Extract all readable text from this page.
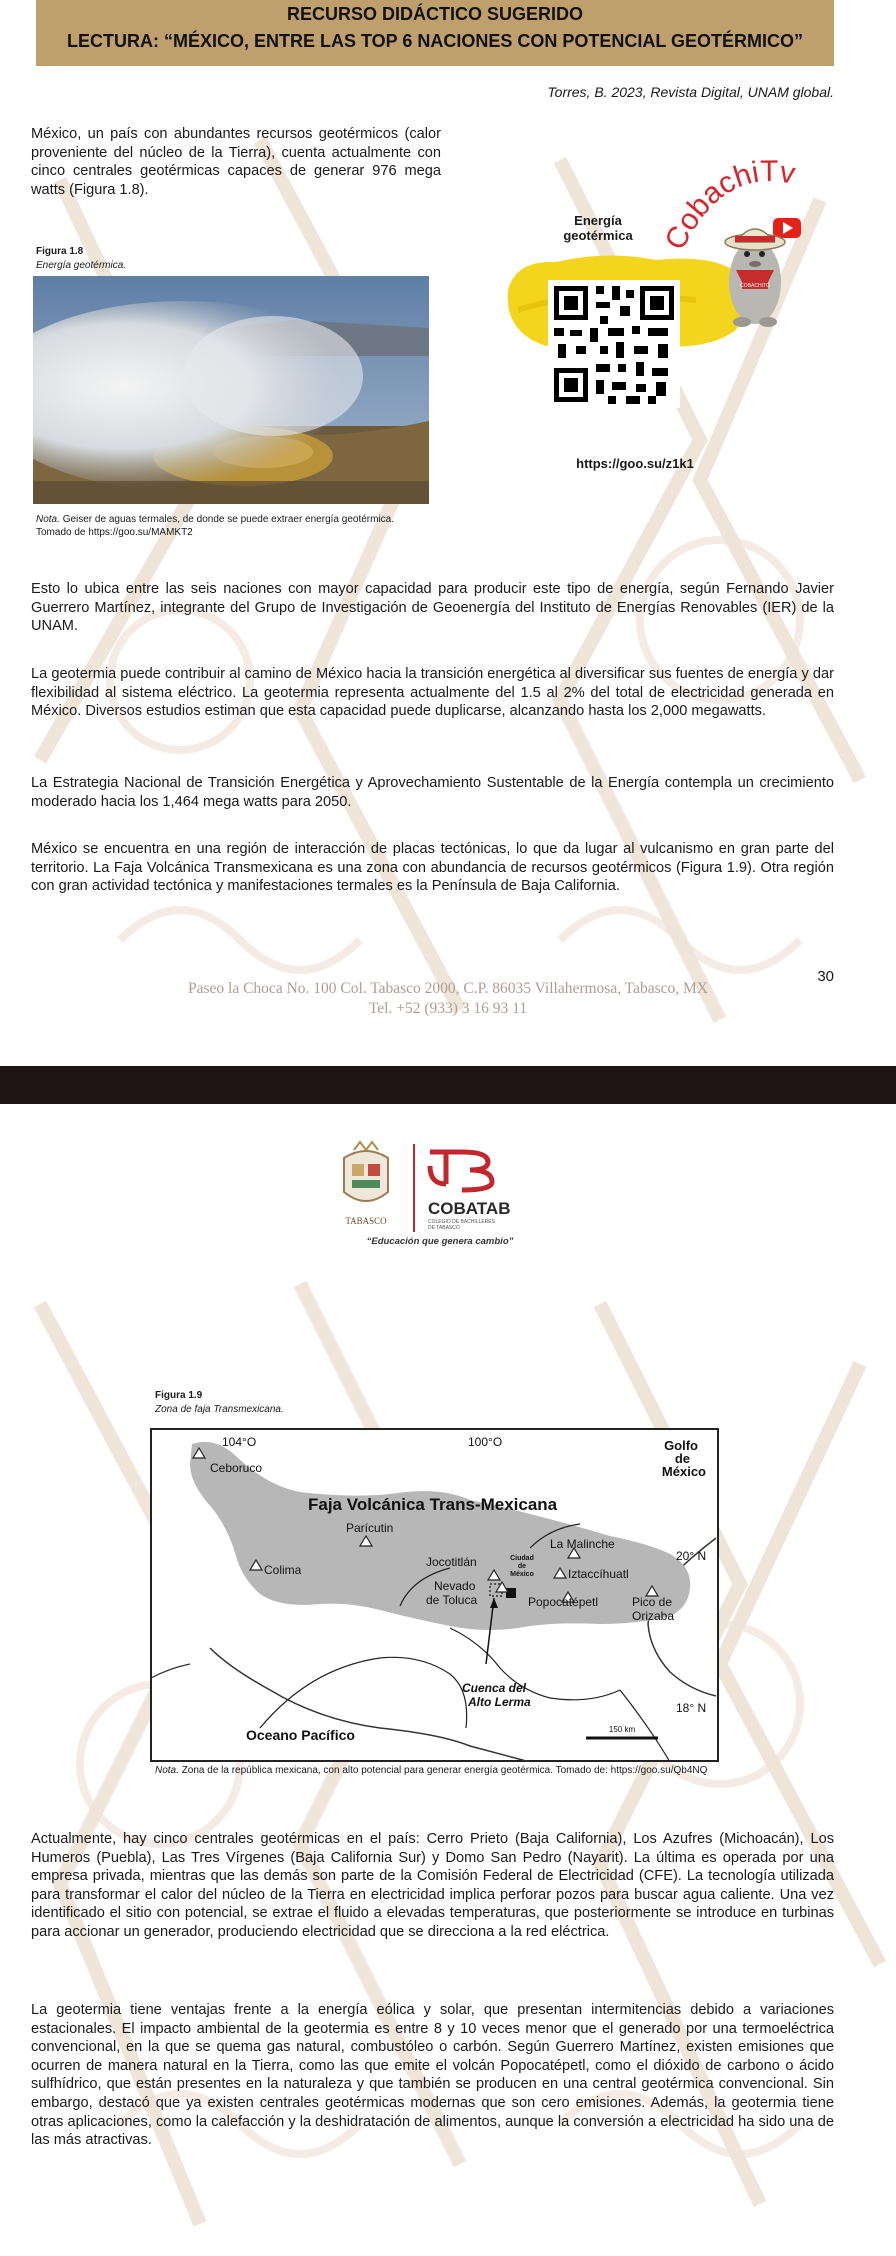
RECURSO DIDÁCTICO SUGERIDO
LECTURA: “MÉXICO, ENTRE LAS TOP 6 NACIONES CON POTENCIAL GEOTÉRMICO”
Torres, B. 2023, Revista Digital, UNAM global.

México, un país con abundantes recursos geotérmicos (calor proveniente del núcleo de la Tierra), cuenta actualmente con cinco centrales geotérmicas capaces de generar 976 mega watts (Figura 1.8).

Figura 1.8
Energía geotérmica.
Nota. Geiser de aguas termales, de donde se puede extraer energía geotérmica. Tomado de https://goo.su/MAMKT2
Energía
geotérmica CobachiTv
COBACHITO
https://goo.su/z1k1

Esto lo ubica entre las seis naciones con mayor capacidad para producir este tipo de energía, según Fernando Javier Guerrero Martínez, integrante del Grupo de Investigación de Geoenergía del Instituto de Energías Renovables (IER) de la UNAM.

La geotermia puede contribuir al camino de México hacia la transición energética al diversificar sus fuentes de energía y dar flexibilidad al sistema eléctrico. La geotermia representa actualmente del 1.5 al 2% del total de electricidad generada en México. Diversos estudios estiman que esta capacidad puede duplicarse, alcanzando hasta los 2,000 megawatts.

La Estrategia Nacional de Transición Energética y Aprovechamiento Sustentable de la Energía contempla un crecimiento moderado hacia los 1,464 mega watts para 2050.

México se encuentra en una región de interacción de placas tectónicas, lo que da lugar al vulcanismo en gran parte del territorio. La Faja Volcánica Transmexicana es una zona con abundancia de recursos geotérmicos (Figura 1.9). Otra región con gran actividad tectónica y manifestaciones termales es la Península de Baja California.

Paseo la Choca No. 100 Col. Tabasco 2000, C.P. 86035 Villahermosa, Tabasco, MX
Tel. +52 (933) 3 16 93 11
30
TABASCO
COBATAB
COLEGIO DE BACHILLERES
DE TABASCO
“Educación que genera cambio”
Figura 1.9
Zona de faja Transmexicana.
104°O	100°O	Golfo
de
México
Faja Volcánica Trans-Mexicana
20° N
18° N
Oceano Pacífico	150 km
Ceboruco
Colima
Parícutin
Jocotitlán
Nevado
de Toluca
Ciudad
de
México
La Malinche
Iztaccíhuatl
Popocatépetl	Pico de
Orizaba
Cuenca del
Alto Lerma
Nota. Zona de la república mexicana, con alto potencial para generar energía geotérmica. Tomado de: https://goo.su/Qb4NQ

Actualmente, hay cinco centrales geotérmicas en el país: Cerro Prieto (Baja California), Los Azufres (Michoacán), Los Humeros (Puebla), Las Tres Vírgenes (Baja California Sur) y Domo San Pedro (Nayarit). La última es operada por una empresa privada, mientras que las demás son parte de la Comisión Federal de Electricidad (CFE). La tecnología utilizada para transformar el calor del núcleo de la Tierra en electricidad implica perforar pozos para buscar agua caliente. Una vez identificado el sitio con potencial, se extrae el fluido a elevadas temperaturas, que posteriormente se introduce en turbinas para accionar un generador, produciendo electricidad que se direcciona a la red eléctrica.

La geotermia tiene ventajas frente a la energía eólica y solar, que presentan intermitencias debido a variaciones estacionales. El impacto ambiental de la geotermia es entre 8 y 10 veces menor que el generado por una termoeléctrica convencional, en la que se quema gas natural, combustóleo o carbón. Según Guerrero Martínez, existen emisiones que ocurren de manera natural en la Tierra, como las que emite el volcán Popocatépetl, como el dióxido de carbono o ácido sulfhídrico, que están presentes en la naturaleza y que también se producen en una central geotérmica convencional. Sin embargo, destacó que ya existen centrales geotérmicas modernas que son cero emisiones. Además, la geotermia tiene otras aplicaciones, como la calefacción y la deshidratación de alimentos, aunque la conversión a electricidad ha sido una de las más atractivas.
